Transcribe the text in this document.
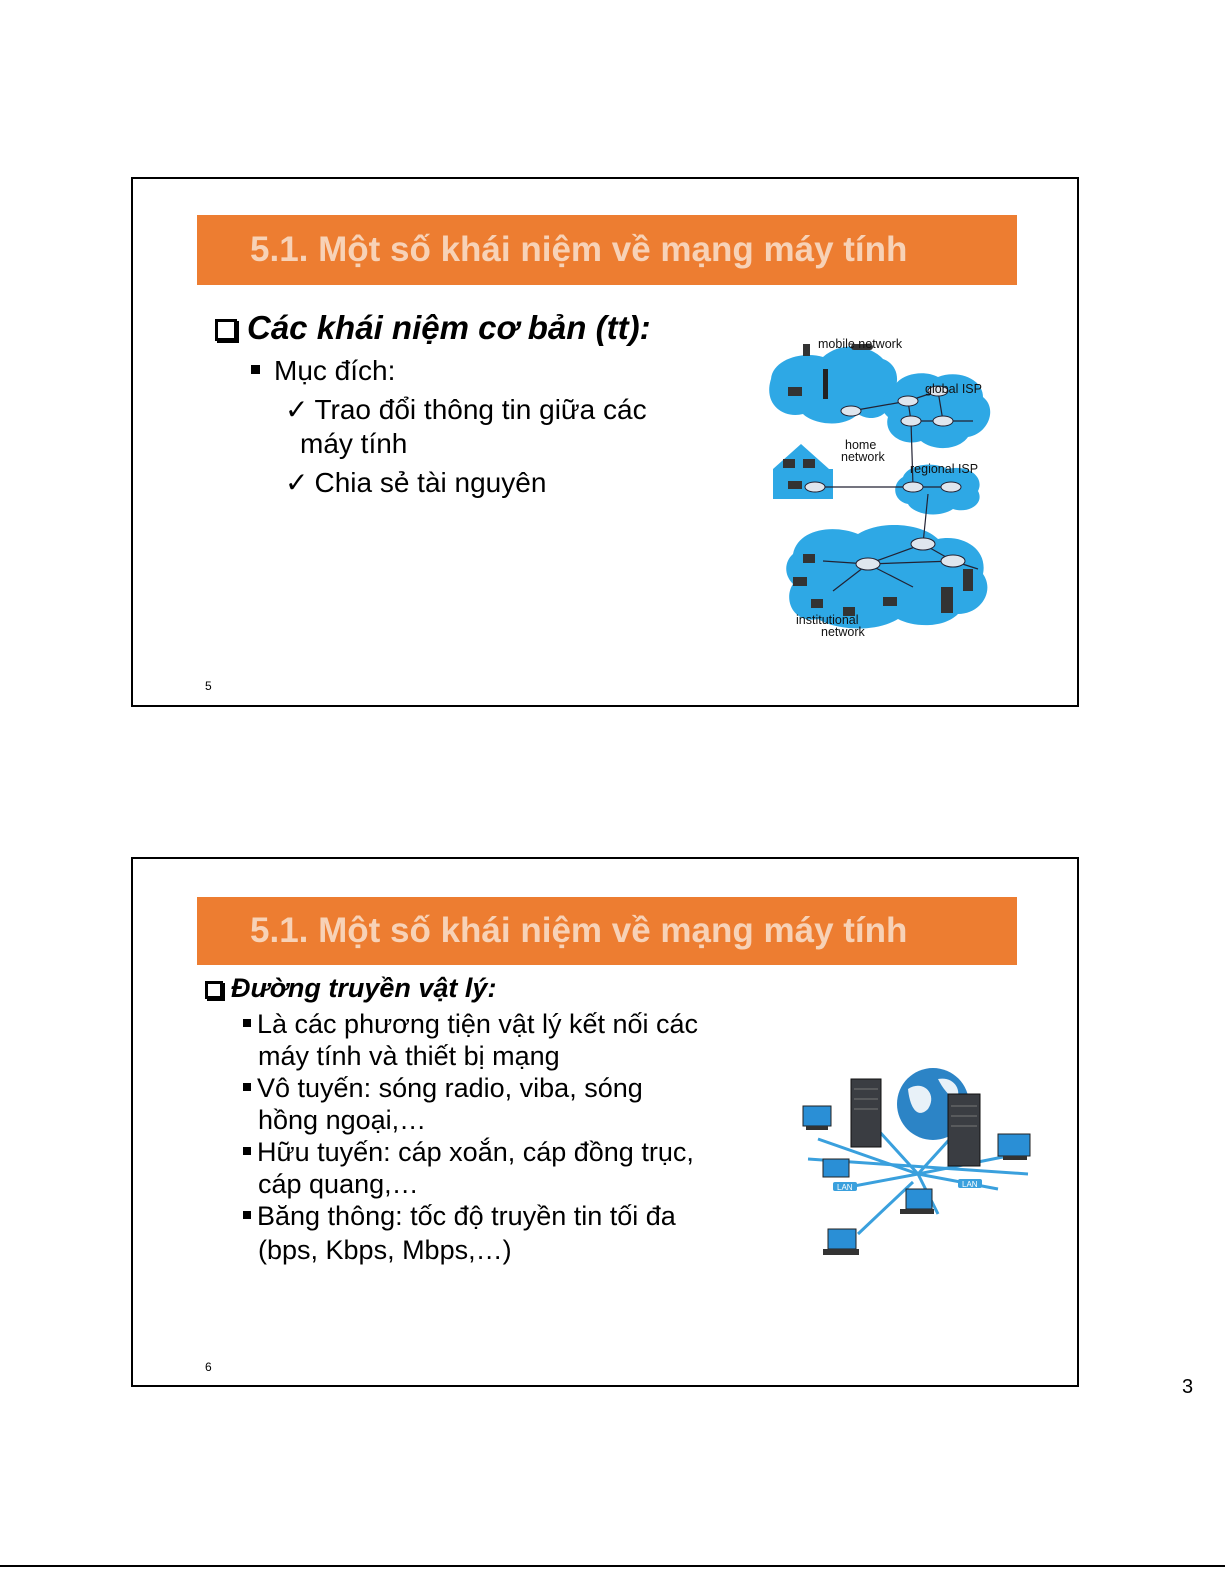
5.1. Một số khái niệm về mạng máy tính
Các khái niệm cơ bản (tt):
Mục đích:
✓ Trao đổi thông tin giữa các
máy tính
✓ Chia sẻ tài nguyên
mobile network
global ISP
home
network
regional ISP
institutional
network
5
5.1. Một số khái niệm về mạng máy tính
Đường truyền vật lý:
Là các phương tiện vật lý kết nối các
máy tính và thiết bị mạng
Vô tuyến: sóng radio, viba, sóng
hồng ngoại,…
Hữu tuyến: cáp xoắn, cáp đồng trục,
cáp quang,…
Băng thông: tốc độ truyền tin tối đa
(bps, Kbps, Mbps,…)
LAN	LAN
6
3
